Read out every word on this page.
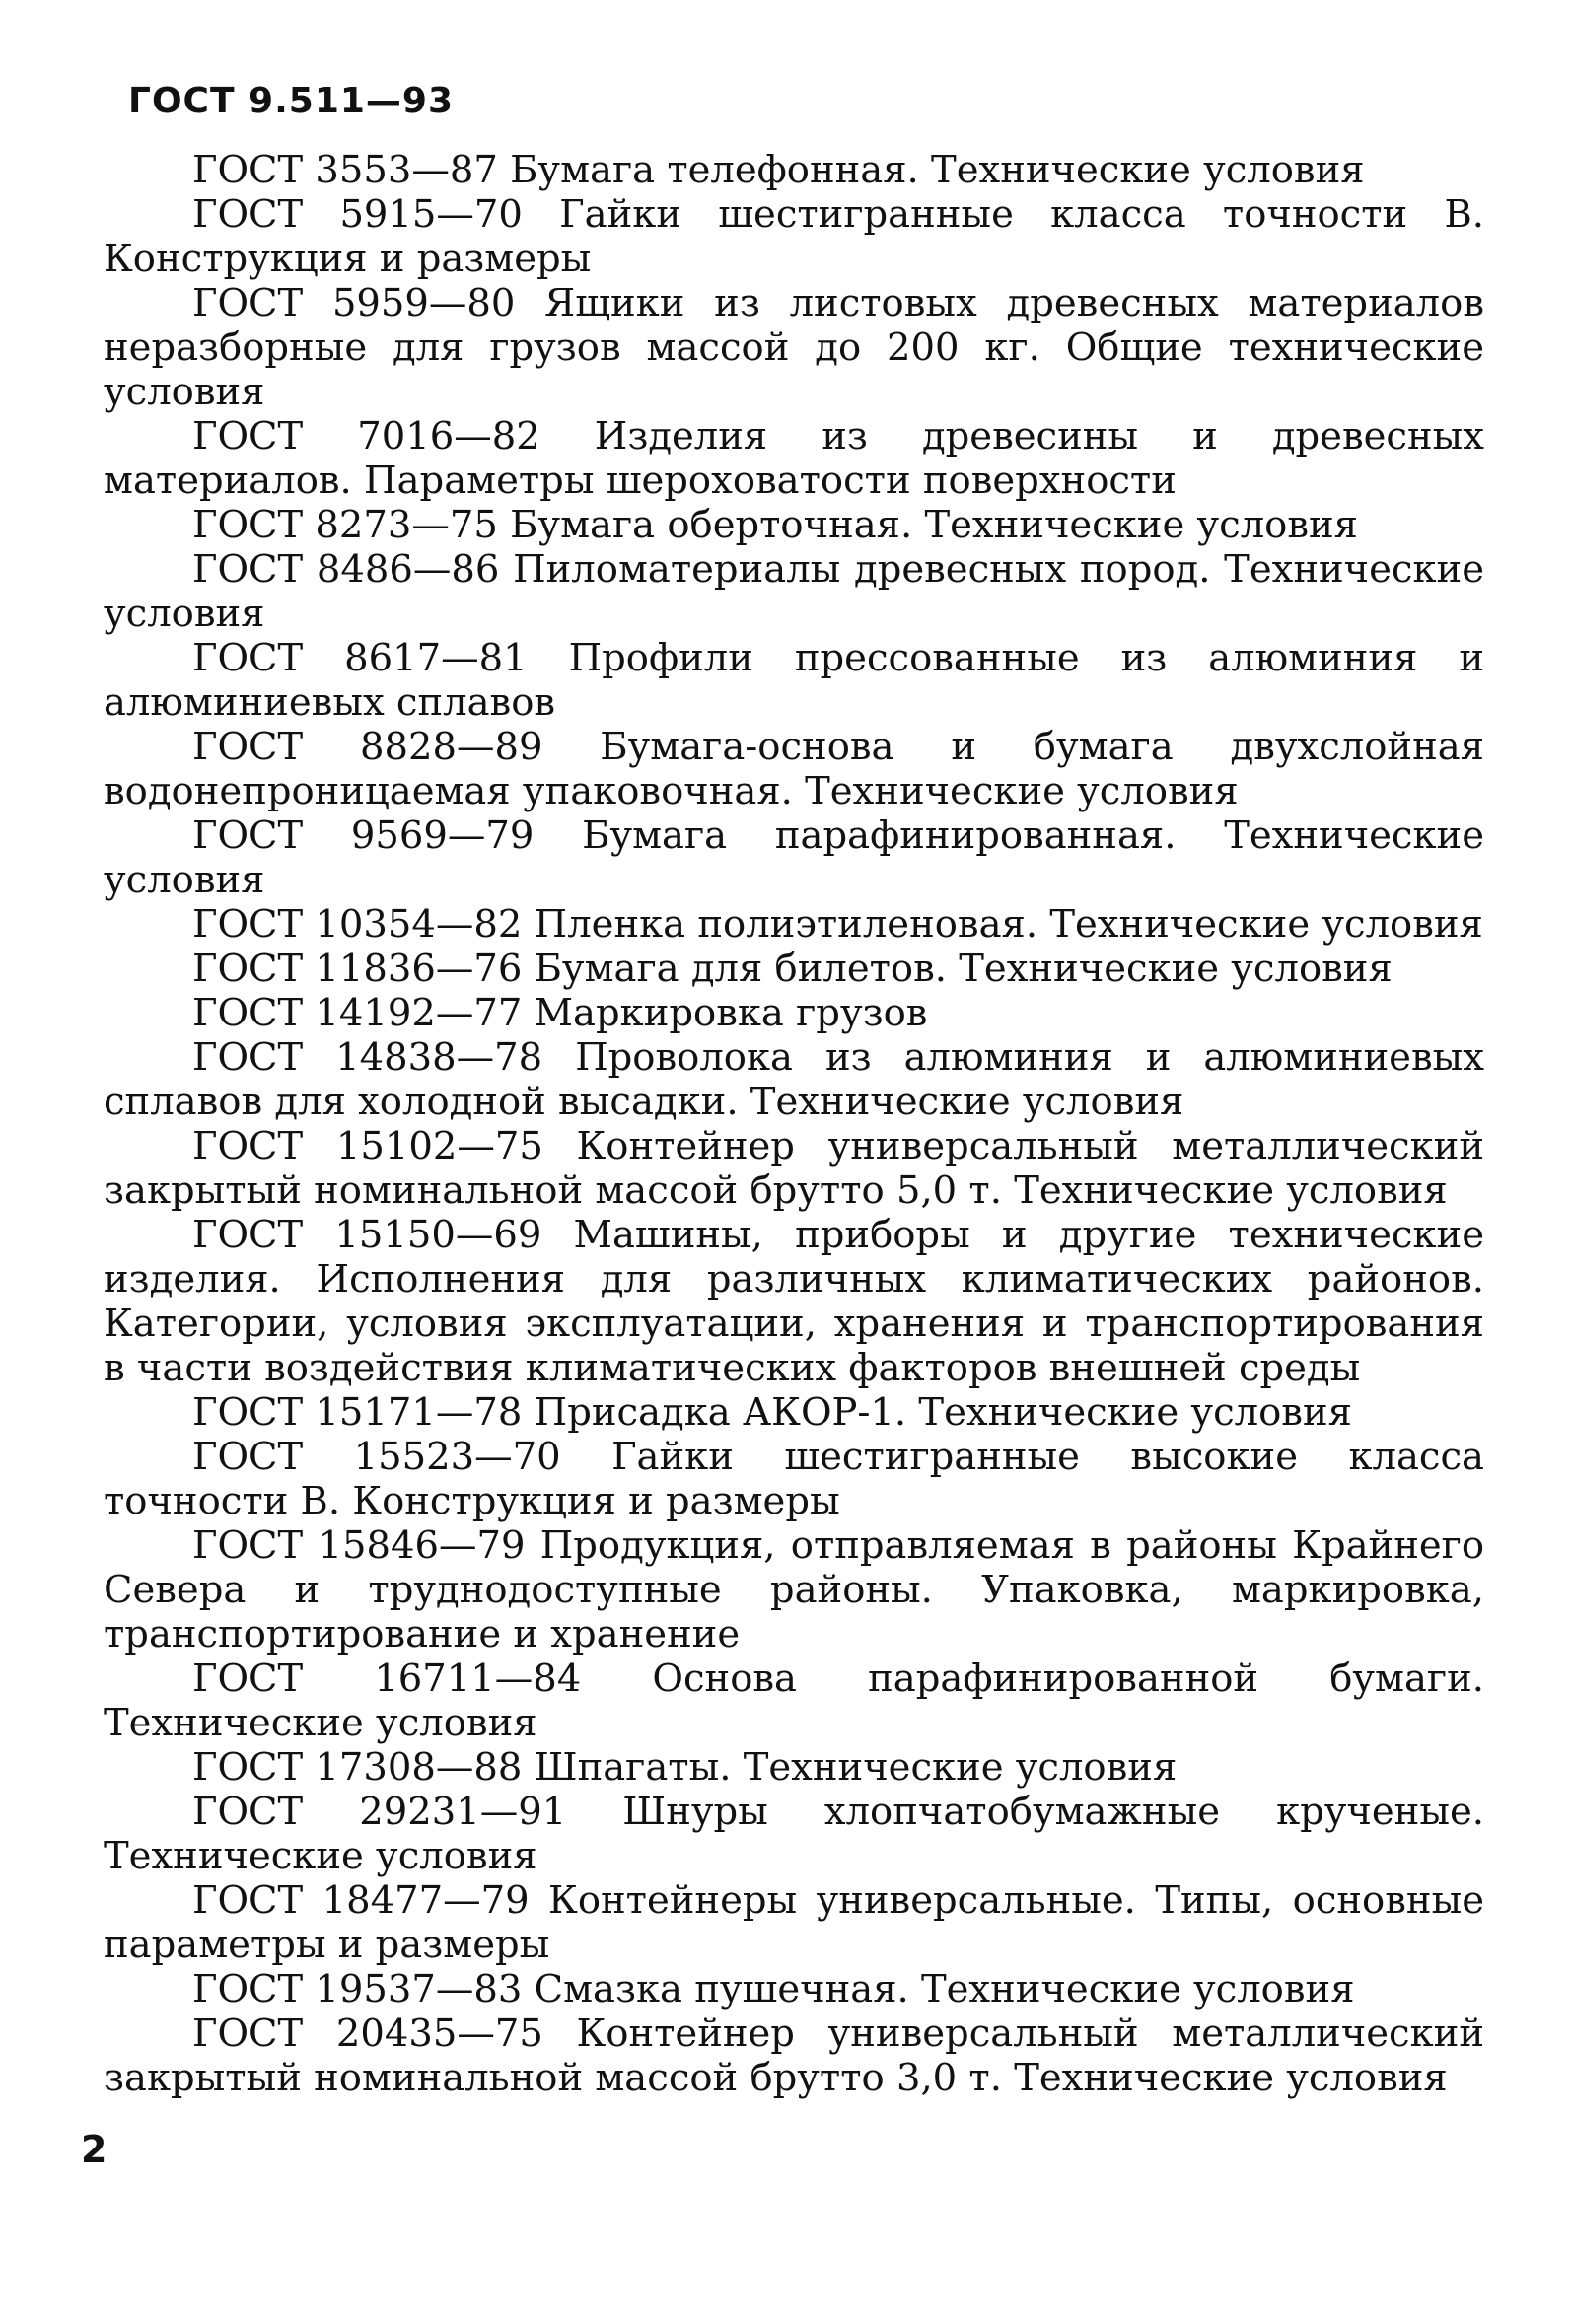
ГОСТ 9.511—93

ГОСТ 3553—87 Бумага телефонная. Технические условия

ГОСТ 5915—70 Гайки шестигранные класса точности В. Конструкция и размеры

ГОСТ 5959—80 Ящики из листовых древесных материалов неразборные для грузов массой до 200 кг. Общие технические условия

ГОСТ 7016—82 Изделия из древесины и древесных материалов. Параметры шероховатости поверхности

ГОСТ 8273—75 Бумага оберточная. Технические условия

ГОСТ 8486—86 Пиломатериалы древесных пород. Технические условия

ГОСТ 8617—81 Профили прессованные из алюминия и алюминиевых сплавов

ГОСТ 8828—89 Бумага-основа и бумага двухслойная водонепроницаемая упаковочная. Технические условия

ГОСТ 9569—79 Бумага парафинированная. Технические условия

ГОСТ 10354—82 Пленка полиэтиленовая. Технические условия

ГОСТ 11836—76 Бумага для билетов. Технические условия

ГОСТ 14192—77 Маркировка грузов

ГОСТ 14838—78 Проволока из алюминия и алюминиевых сплавов для холодной высадки. Технические условия

ГОСТ 15102—75 Контейнер универсальный металлический закрытый номинальной массой брутто 5,0 т. Технические условия

ГОСТ 15150—69 Машины, приборы и другие технические изделия. Исполнения для различных климатических районов. Категории, условия эксплуатации, хранения и транспортирования в части воздействия климатических факторов внешней среды

ГОСТ 15171—78 Присадка АКОР-1. Технические условия

ГОСТ 15523—70 Гайки шестигранные высокие класса точности В. Конструкция и размеры

ГОСТ 15846—79 Продукция, отправляемая в районы Крайнего Севера и труднодоступные районы. Упаковка, маркировка, транспортирование и хранение

ГОСТ 16711—84 Основа парафинированной бумаги. Технические условия

ГОСТ 17308—88 Шпагаты. Технические условия

ГОСТ 29231—91 Шнуры хлопчатобумажные крученые. Технические условия

ГОСТ 18477—79 Контейнеры универсальные. Типы, основные параметры и размеры

ГОСТ 19537—83 Смазка пушечная. Технические условия

ГОСТ 20435—75 Контейнер универсальный металлический закрытый номинальной массой брутто 3,0 т. Технические условия

2
